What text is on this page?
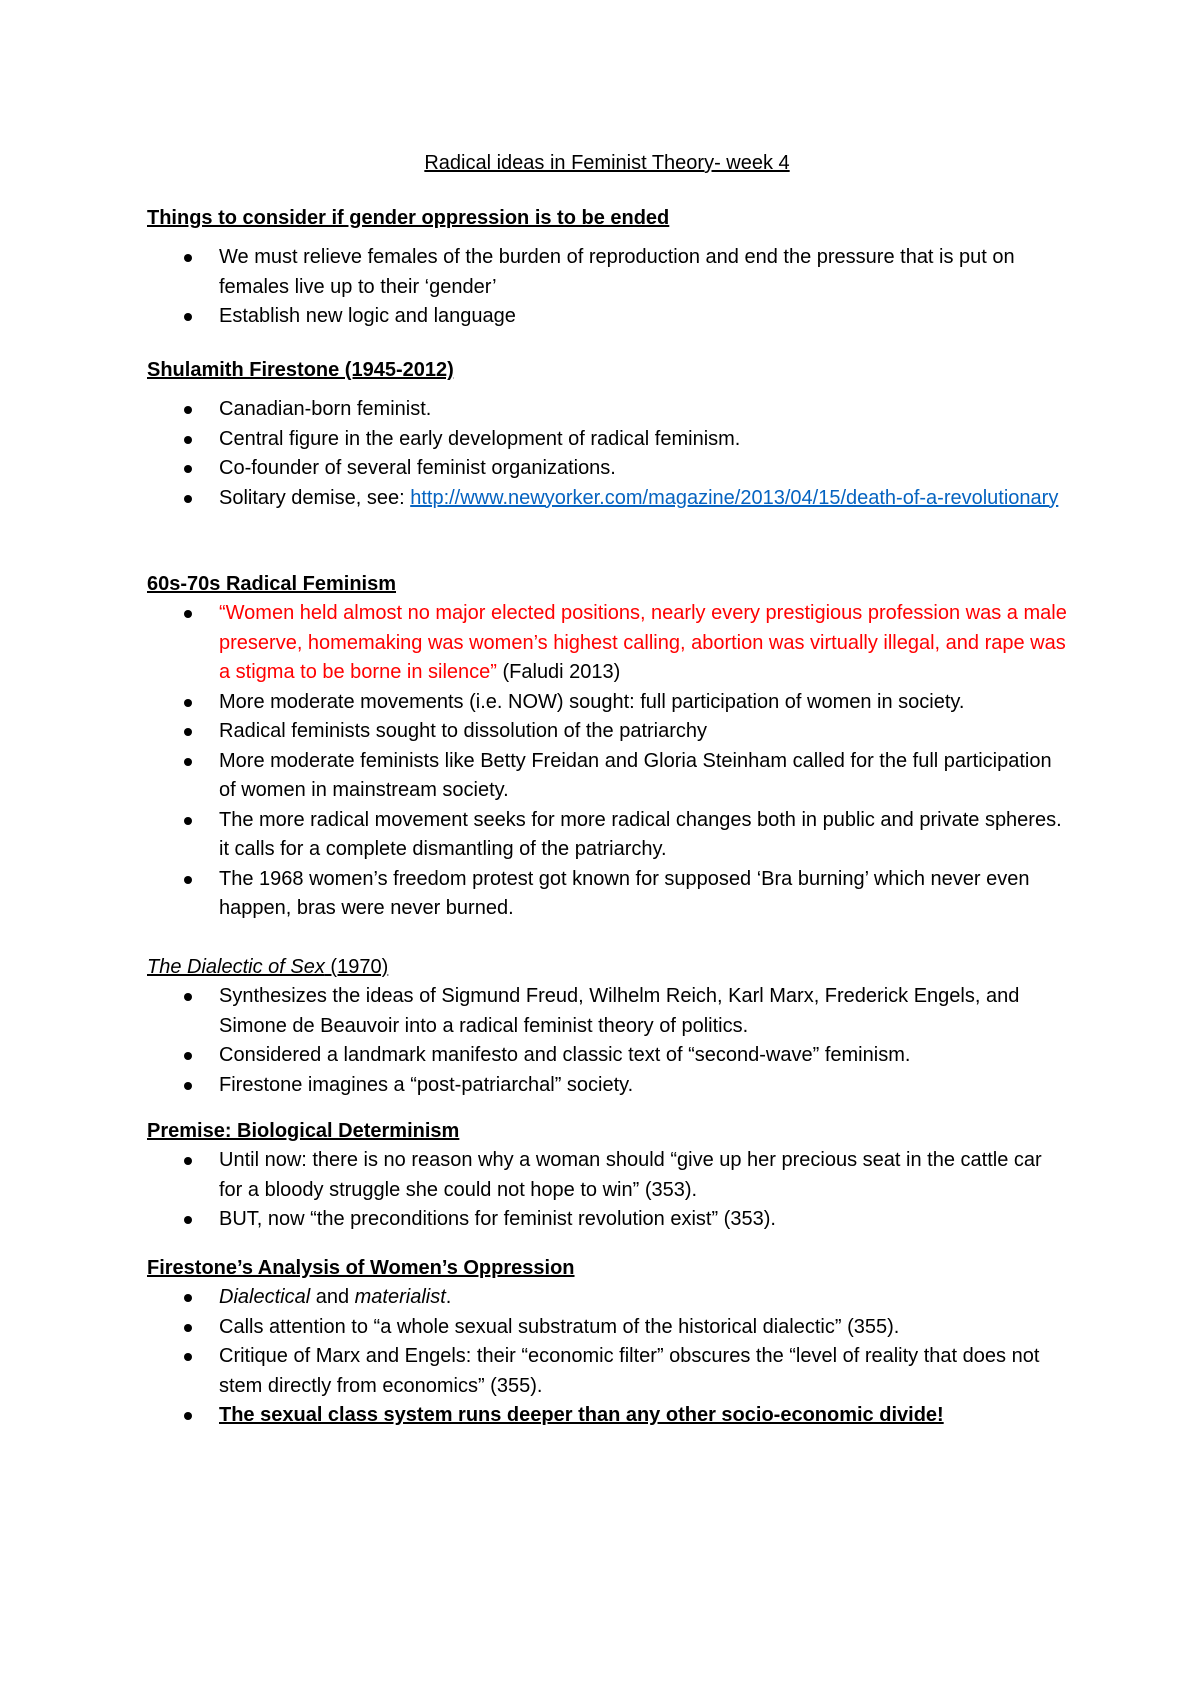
Radical ideas in Feminist Theory- week 4
Things to consider if gender oppression is to be ended
We must relieve females of the burden of reproduction and end the pressure that is put on females live up to their ‘gender’
Establish new logic and language
Shulamith Firestone (1945-2012)
Canadian-born feminist.
Central figure in the early development of radical feminism.
Co-founder of several feminist organizations.
Solitary demise, see: http://www.newyorker.com/magazine/2013/04/15/death-of-a-revolutionary
60s-70s Radical Feminism
“Women held almost no major elected positions, nearly every prestigious profession was a male preserve, homemaking was women’s highest calling, abortion was virtually illegal, and rape was a stigma to be borne in silence” (Faludi 2013)
More moderate movements (i.e. NOW) sought: full participation of women in society.
Radical feminists sought to dissolution of the patriarchy
More moderate feminists like Betty Freidan and Gloria Steinham called for the full participation of women in mainstream society.
The more radical movement seeks for more radical changes both in public and private spheres. it calls for a complete dismantling of the patriarchy.
The 1968 women’s freedom protest got known for supposed ‘Bra burning’ which never even happen, bras were never burned.
The Dialectic of Sex (1970)
Synthesizes the ideas of Sigmund Freud, Wilhelm Reich, Karl Marx, Frederick Engels, and Simone de Beauvoir into a radical feminist theory of politics.
Considered a landmark manifesto and classic text of “second-wave” feminism.
Firestone imagines a “post-patriarchal” society.
Premise: Biological Determinism
Until now: there is no reason why a woman should “give up her precious seat in the cattle car for a bloody struggle she could not hope to win” (353).
BUT, now “the preconditions for feminist revolution exist” (353).
Firestone’s Analysis of Women’s Oppression
Dialectical and materialist.
Calls attention to “a whole sexual substratum of the historical dialectic” (355).
Critique of Marx and Engels: their “economic filter” obscures the “level of reality that does not stem directly from economics” (355).
The sexual class system runs deeper than any other socio-economic divide!
